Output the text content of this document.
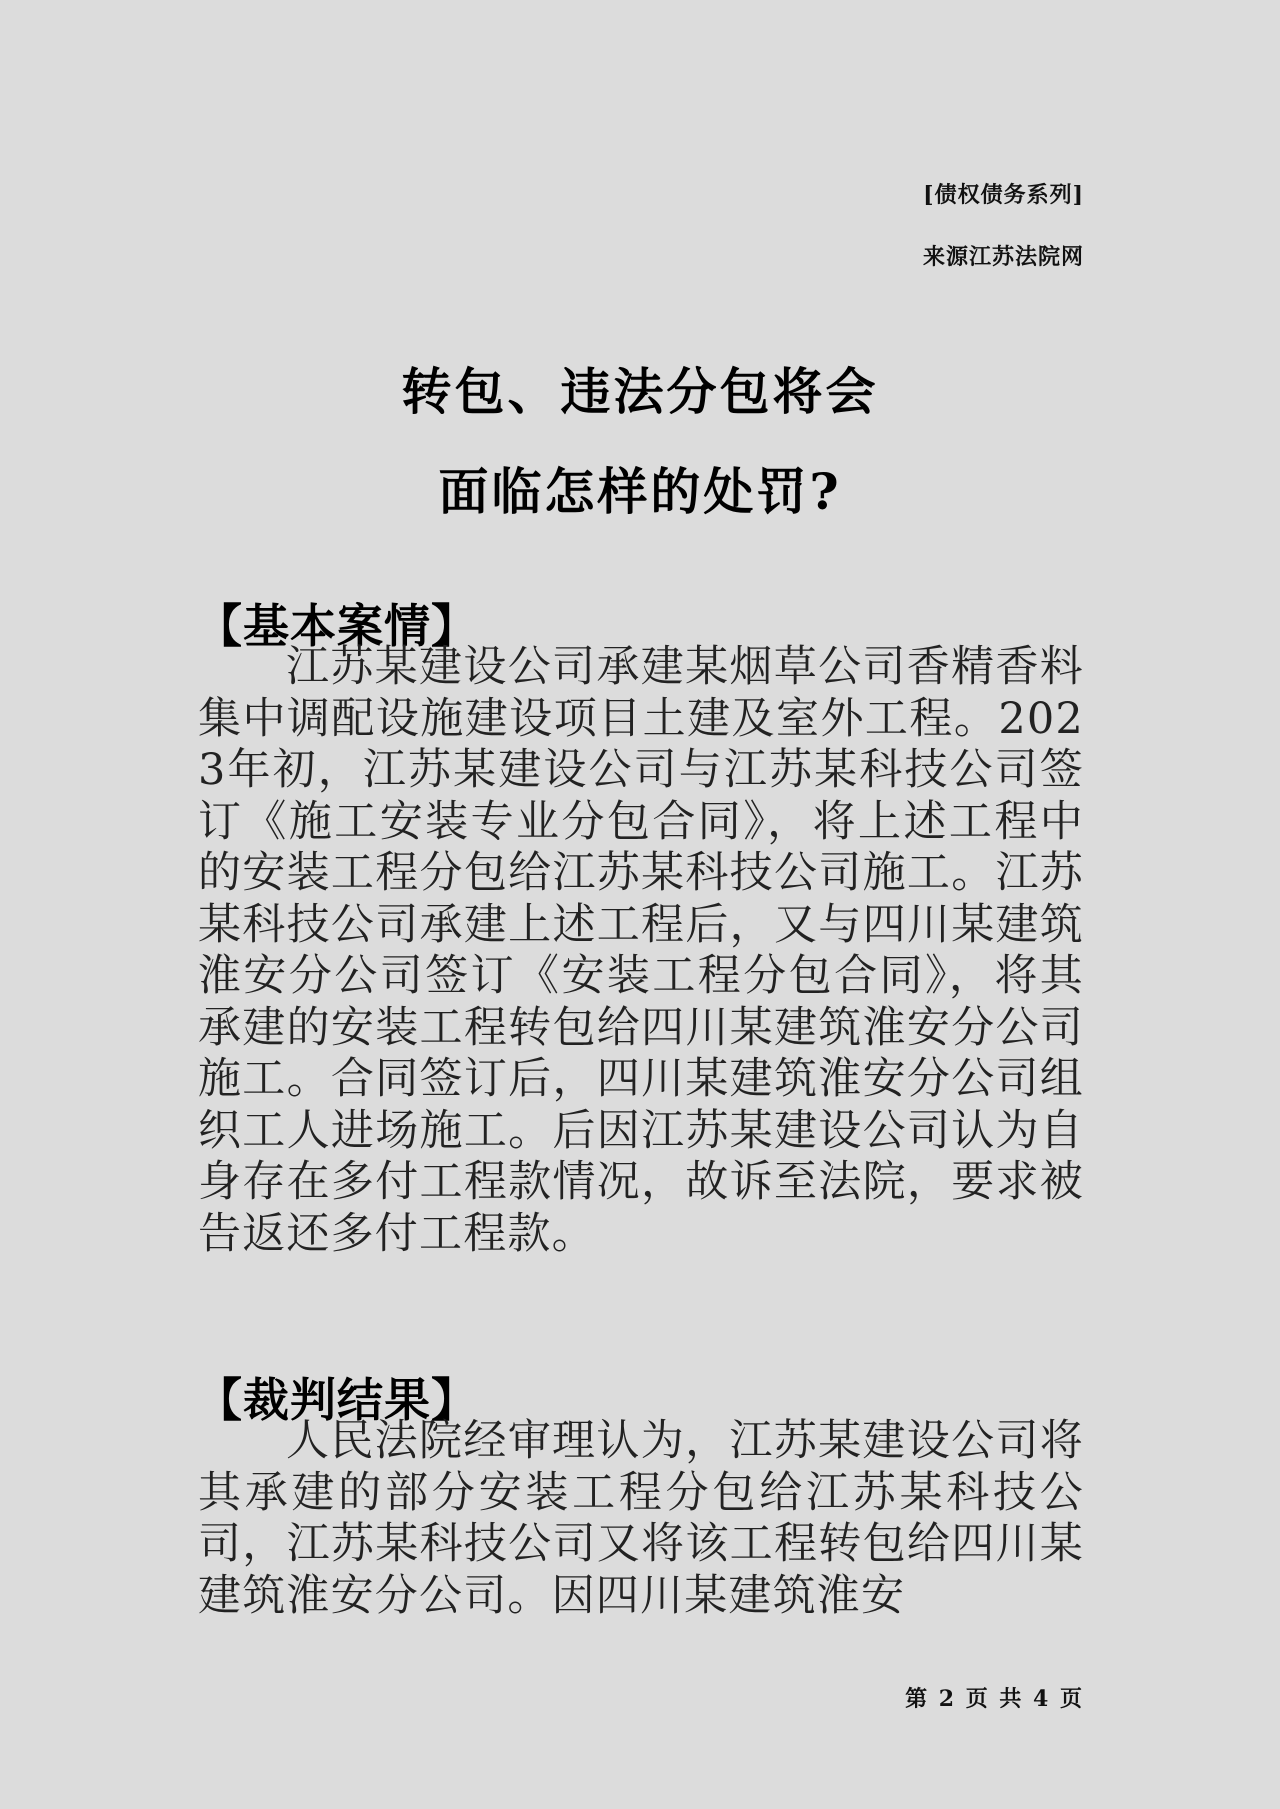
[债权债务系列]
来源江苏法院网
转包、违法分包将会
面临怎样的处罚?
【基本案情】

江苏某建设公司承建某烟草公司香精香料集中调配设施建设项目土建及室外工程。2023年初，江苏某建设公司与江苏某科技公司签订《施工安装专业分包合同》，将上述工程中的安装工程分包给江苏某科技公司施工。江苏某科技公司承建上述工程后，又与四川某建筑淮安分公司签订《安装工程分包合同》，将其承建的安装工程转包给四川某建筑淮安分公司施工。合同签订后，四川某建筑淮安分公司组织工人进场施工。后因江苏某建设公司认为自身存在多付工程款情况，故诉至法院，要求被告返还多付工程款。

【裁判结果】

人民法院经审理认为，江苏某建设公司将其承建的部分安装工程分包给江苏某科技公司，江苏某科技公司又将该工程转包给四川某建筑淮安分公司。因四川某建筑淮安

第 2 页 共 4 页
